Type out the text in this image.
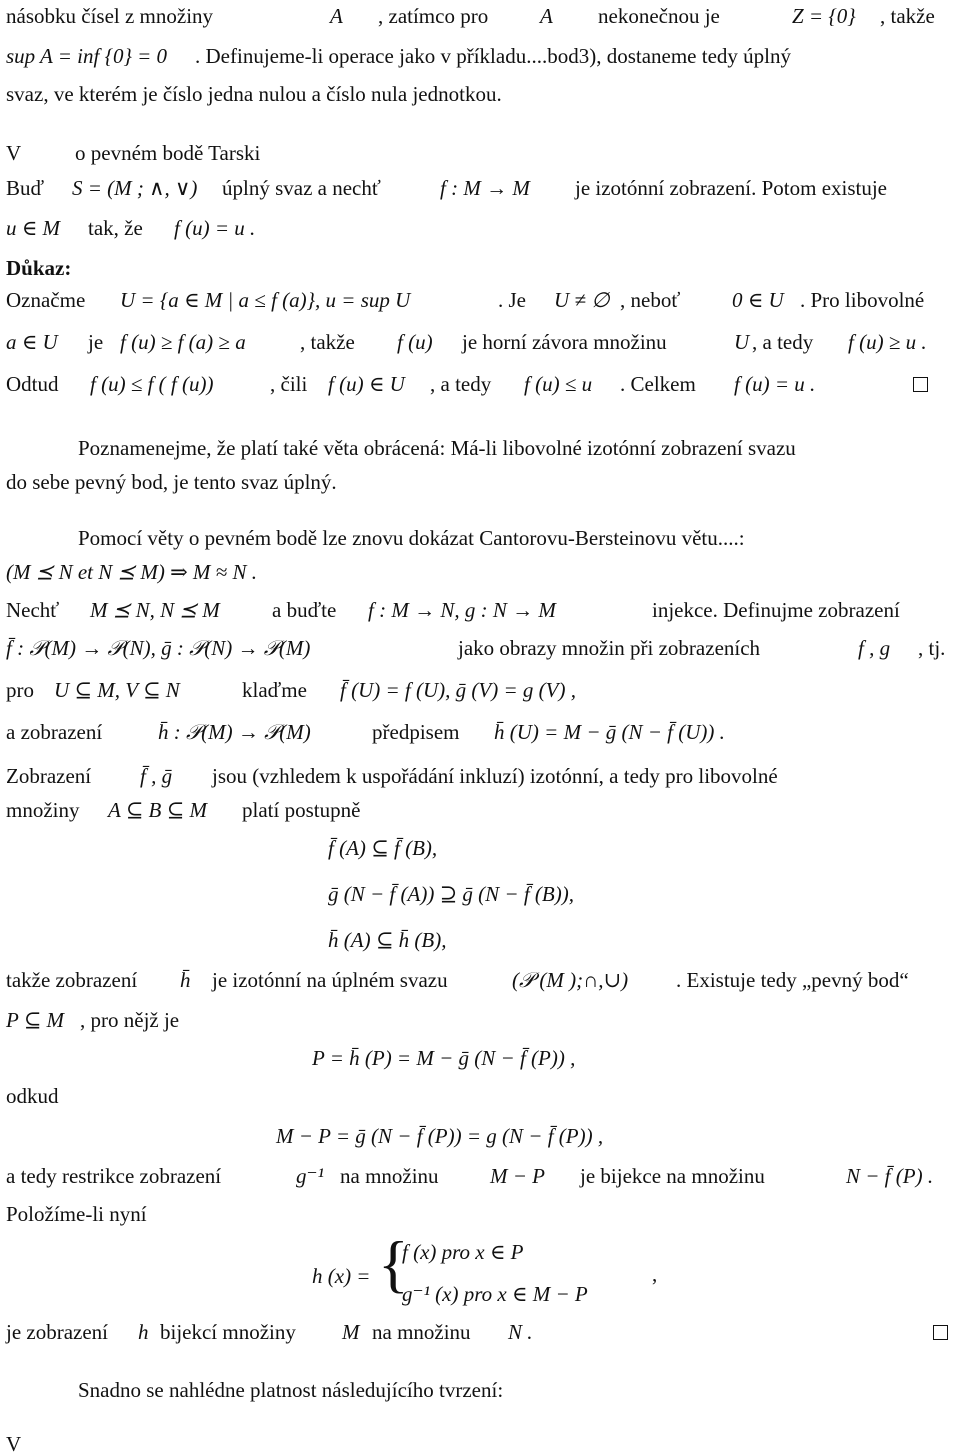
násobku čísel z množiny	A , zatímco pro A nekonečnou je	Z = {0} , takže
sup A = inf {0} = 0 . Definujeme-li operace jako v příkladu....bod3), dostaneme tedy úplný
svaz, ve kterém je číslo jedna nulou a číslo nula jednotkou.
V	o pevném bodě Tarski
Buď S = (M ; ∧, ∨) úplný svaz a nechť	f : M → M je izotónní zobrazení. Potom existuje
u ∈ M tak, že f (u) = u .
Důkaz:
Označme U = {a ∈ M | a ≤ f (a)}, u = sup U	. Je U ≠ ∅ , neboť 0 ∈ U . Pro libovolné
a ∈ U je f (u) ≥ f (a) ≥ a	, takže f (u) je horní závora množinu	U , a tedy f (u) ≥ u .
Odtud f (u) ≤ f ( f (u))	, čili f (u) ∈ U , a tedy f (u) ≤ u . Celkem f (u) = u .
Poznamenejme, že platí také věta obrácená: Má-li libovolné izotónní zobrazení svazu
do sebe pevný bod, je tento svaz úplný.
Pomocí věty o pevném bodě lze znovu dokázat Cantorovu-Bersteinovu větu....:
(M ⪯ N et N ⪯ M) ⇒ M ≈ N .
Nechť M ⪯ N, N ⪯ M a buďte f : M → N, g : N → M	injekce. Definujme zobrazení
f̄ : 𝒫(M) → 𝒫(N), ḡ : 𝒫(N) → 𝒫(M)	jako obrazy množin při zobrazeních	f , g , tj.
pro U ⊆ M, V ⊆ N	klaďme f̄ (U) = f (U), ḡ (V) = g (V) ,
a zobrazení	h̄ : 𝒫(M) → 𝒫(M)	předpisem h̄ (U) = M − ḡ (N − f̄ (U)) .
Zobrazení f̄ , ḡ jsou (vzhledem k uspořádání inkluzí) izotónní, a tedy pro libovolné
množiny A ⊆ B ⊆ M platí postupně
f̄ (A) ⊆ f̄ (B),
ḡ (N − f̄ (A)) ⊇ ḡ (N − f̄ (B)),
h̄ (A) ⊆ h̄ (B),
takže zobrazení h̄ je izotónní na úplném svazu	(𝒫 (M );∩,∪) . Existuje tedy „pevný bod“
P ⊆ M , pro nějž je
P = h̄ (P) = M − ḡ (N − f̄ (P)) ,
odkud
M − P = ḡ (N − f̄ (P)) = g (N − f̄ (P)) ,
a tedy restrikce zobrazení	g⁻¹ na množinu M − P je bijekce na množinu	N − f̄ (P) .
Položíme-li nyní
h (x) = {
f (x) pro x ∈ P
g⁻¹ (x) pro x ∈ M − P
,
je zobrazení h bijekcí množiny M na množinu N .
Snadno se nahlédne platnost následujícího tvrzení:
V
